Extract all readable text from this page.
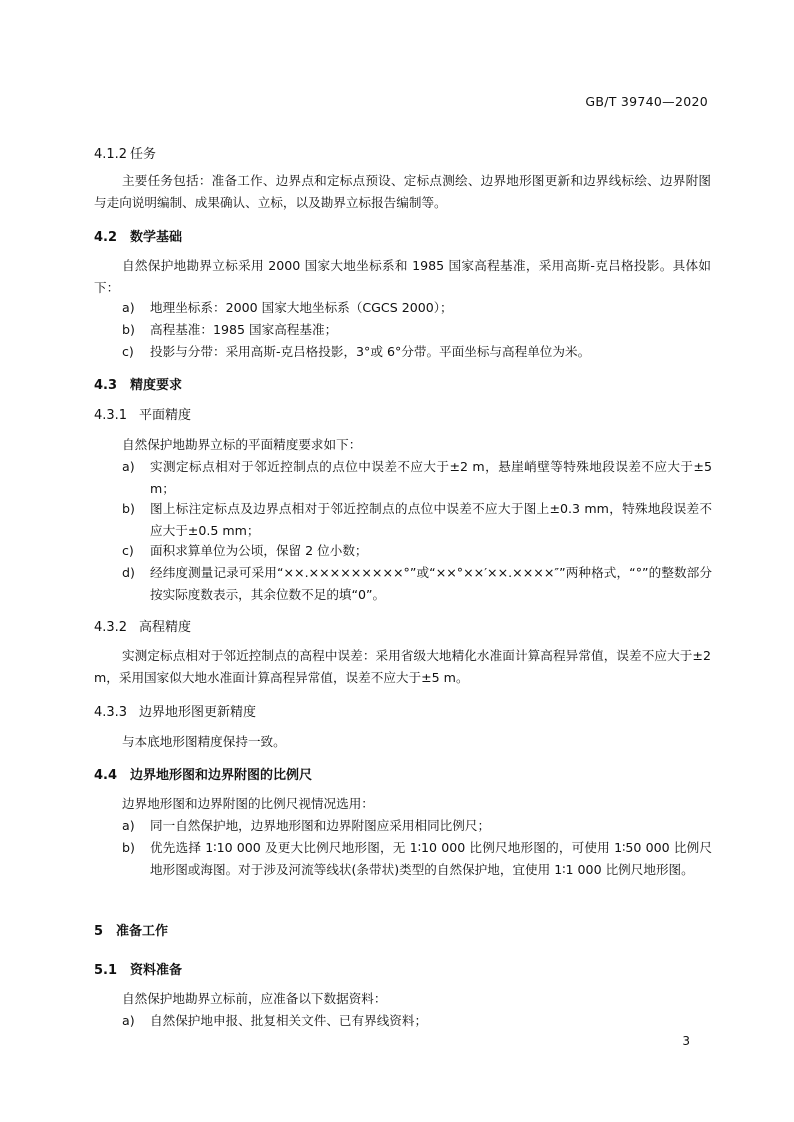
GB/T 39740—2020
4.1.2 任务
主要任务包括：准备工作、边界点和定标点预设、定标点测绘、边界地形图更新和边界线标绘、边界附图与走向说明编制、成果确认、立标，以及勘界立标报告编制等。
4.2 数学基础
自然保护地勘界立标采用 2000 国家大地坐标系和 1985 国家高程基准，采用高斯-克吕格投影。具体如下：
a) 地理坐标系：2000 国家大地坐标系（CGCS 2000）；
b) 高程基准：1985 国家高程基准；
c) 投影与分带：采用高斯-克吕格投影，3°或 6°分带。平面坐标与高程单位为米。
4.3 精度要求
4.3.1 平面精度
自然保护地勘界立标的平面精度要求如下：
a) 实测定标点相对于邻近控制点的点位中误差不应大于±2 m，悬崖峭壁等特殊地段误差不应大于±5 m；
b) 图上标注定标点及边界点相对于邻近控制点的点位中误差不应大于图上±0.3 mm，特殊地段误差不应大于±0.5 mm；
c) 面积求算单位为公顷，保留 2 位小数；
d) 经纬度测量记录可采用“××.×××××××××°”或“××°××′××.××××″”两种格式，“°”的整数部分按实际度数表示，其余位数不足的填“0”。
4.3.2 高程精度
实测定标点相对于邻近控制点的高程中误差：采用省级大地精化水准面计算高程异常值，误差不应大于±2 m，采用国家似大地水准面计算高程异常值，误差不应大于±5 m。
4.3.3 边界地形图更新精度
与本底地形图精度保持一致。
4.4 边界地形图和边界附图的比例尺
边界地形图和边界附图的比例尺视情况选用：
a) 同一自然保护地，边界地形图和边界附图应采用相同比例尺；
b) 优先选择 1∶10 000 及更大比例尺地形图，无 1∶10 000 比例尺地形图的，可使用 1∶50 000 比例尺地形图或海图。对于涉及河流等线状(条带状)类型的自然保护地，宜使用 1∶1 000 比例尺地形图。
5 准备工作
5.1 资料准备
自然保护地勘界立标前，应准备以下数据资料：
a) 自然保护地申报、批复相关文件、已有界线资料；
3
